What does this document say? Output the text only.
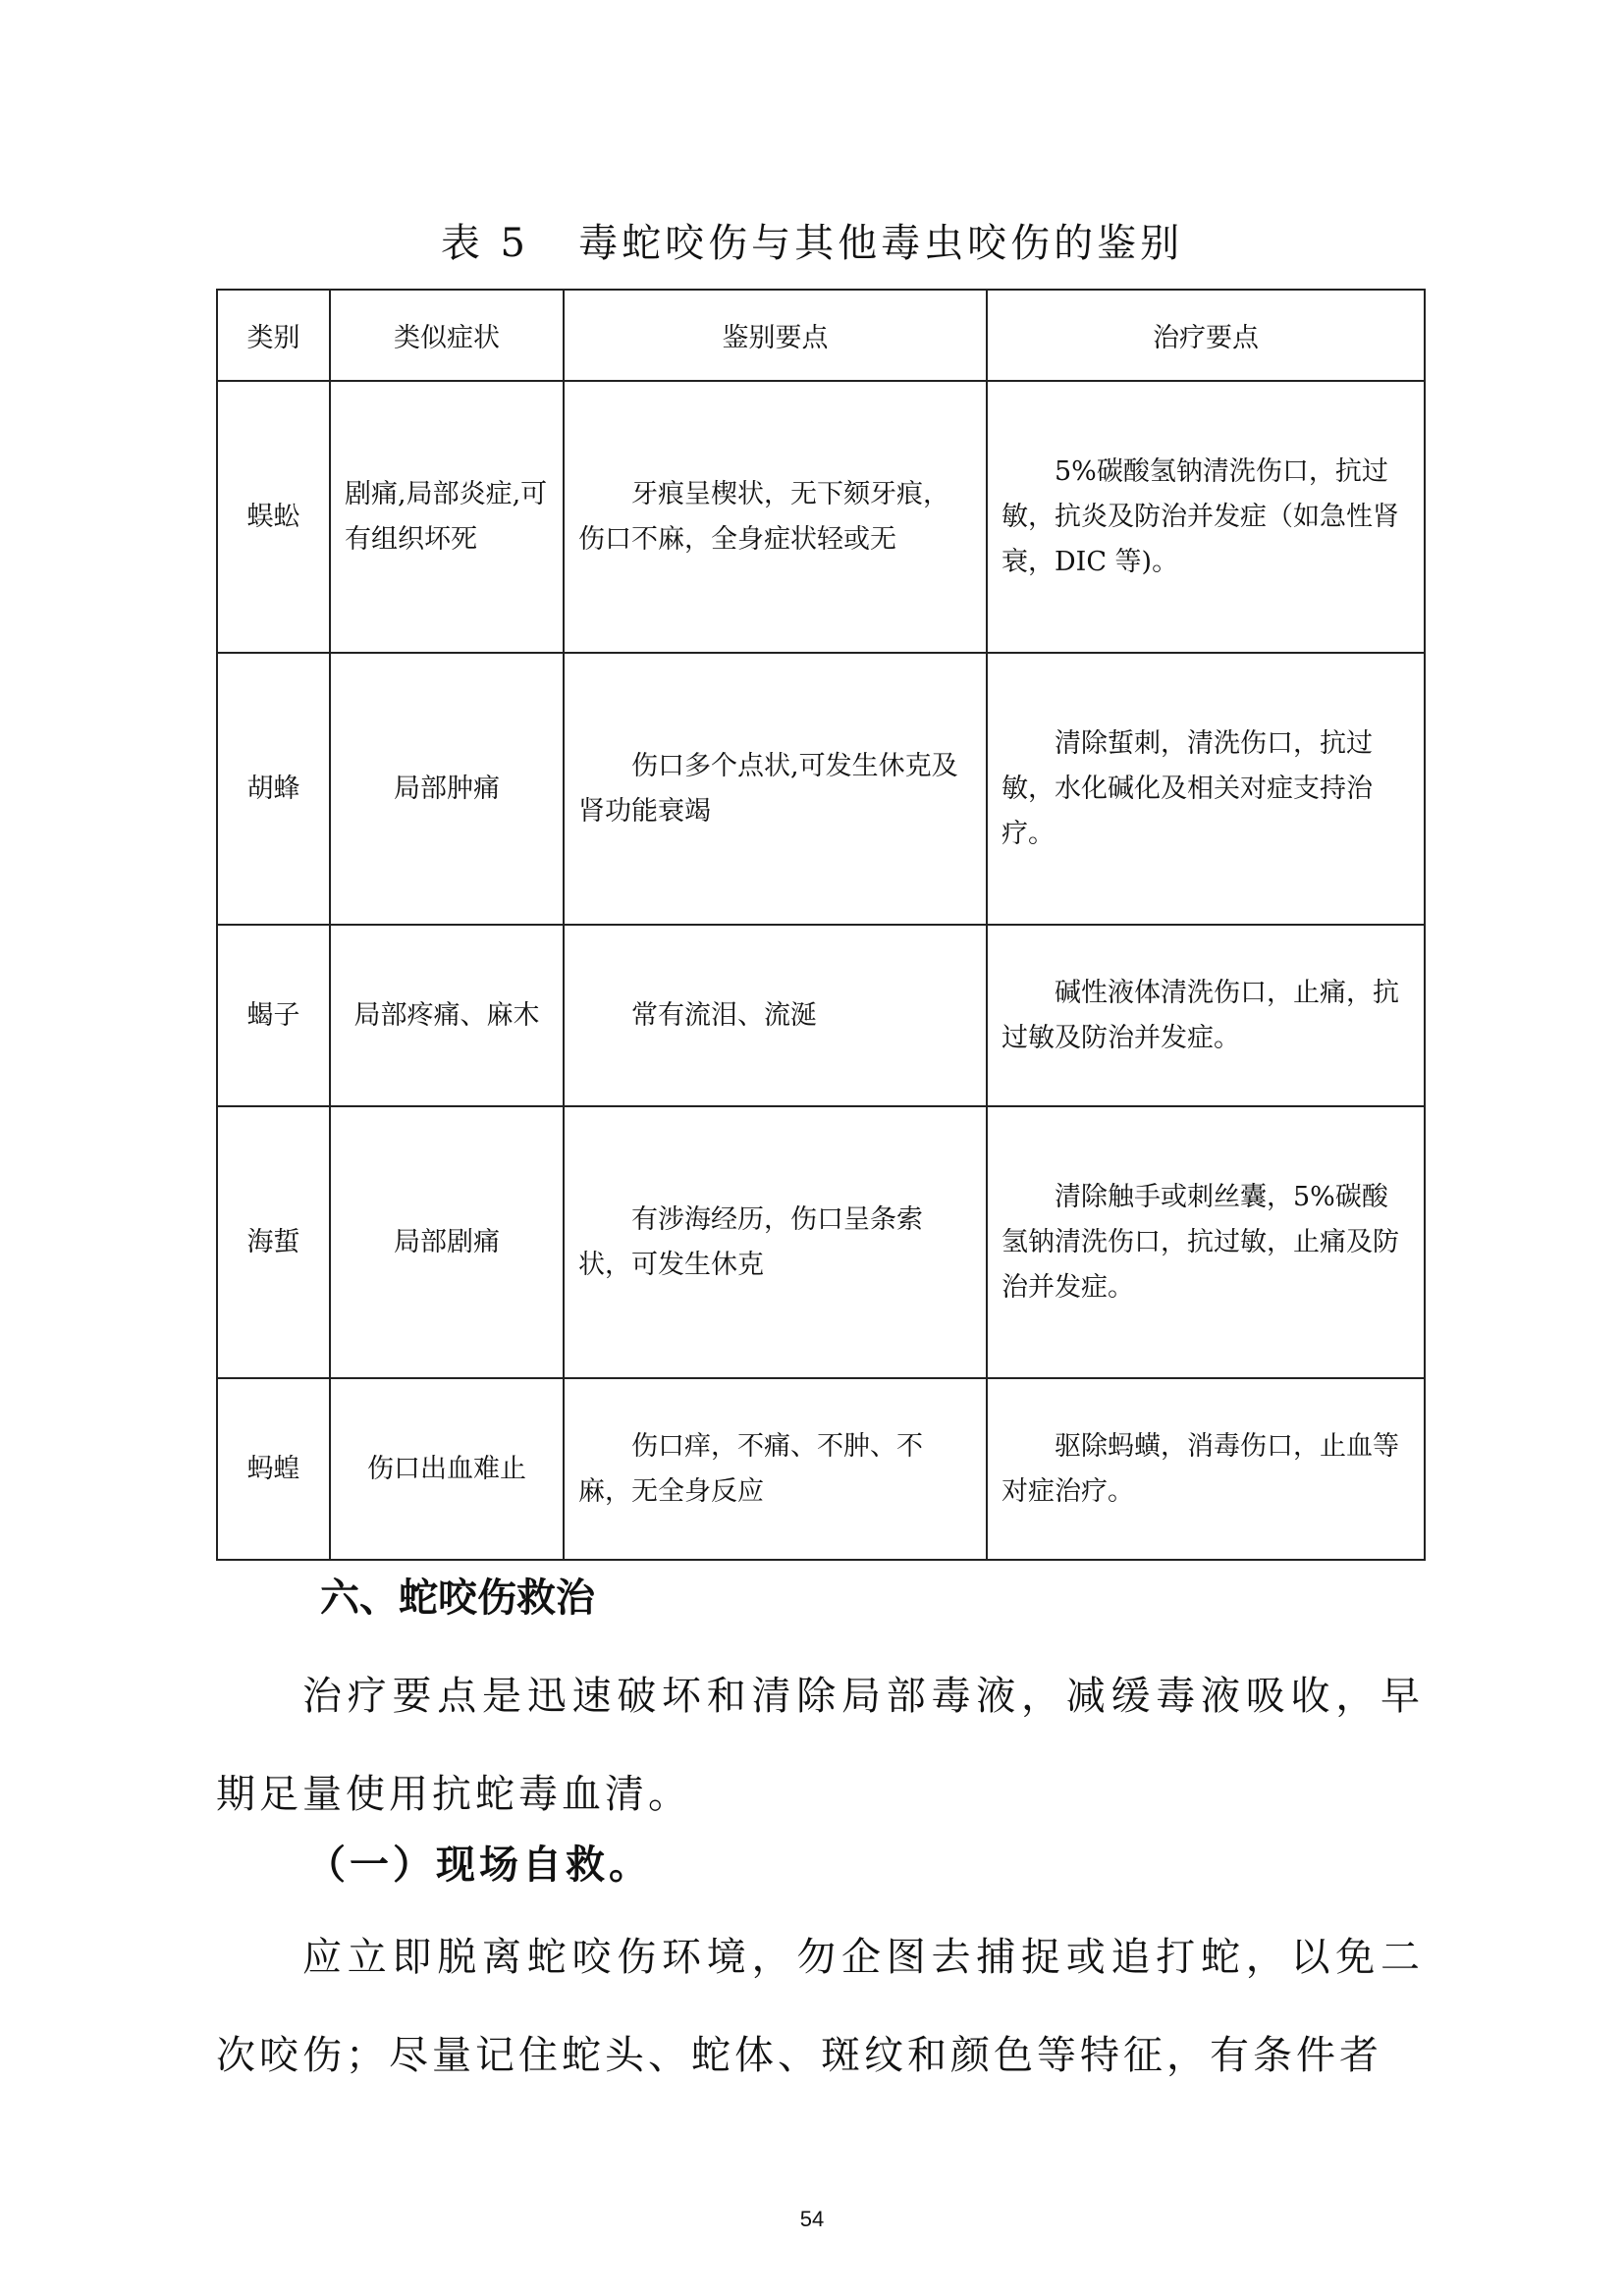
表 5   毒蛇咬伤与其他毒虫咬伤的鉴别
类别	类似症状	鉴别要点	治疗要点

蜈蚣	剧痛,局部炎症,可有组织坏死	牙痕呈楔状，无下颏牙痕，伤口不麻，全身症状轻或无	5%碳酸氢钠清洗伤口，抗过敏，抗炎及防治并发症（如急性肾衰，DIC 等)。

胡蜂	局部肿痛	伤口多个点状,可发生休克及肾功能衰竭	清除蜇刺，清洗伤口，抗过敏，水化碱化及相关对症支持治疗。

蝎子	局部疼痛、麻木	常有流泪、流涎	碱性液体清洗伤口，止痛，抗过敏及防治并发症。

海蜇	局部剧痛	有涉海经历，伤口呈条索状，可发生休克	清除触手或刺丝囊，5%碳酸氢钠清洗伤口，抗过敏，止痛及防治并发症。

蚂蝗	伤口出血难止	伤口痒，不痛、不肿、不麻，无全身反应	驱除蚂蟥，消毒伤口，止血等对症治疗。
六、蛇咬伤救治

治疗要点是迅速破坏和清除局部毒液，减缓毒液吸收，早期足量使用抗蛇毒血清。

（一）现场自救。

应立即脱离蛇咬伤环境，勿企图去捕捉或追打蛇，以免二次咬伤；尽量记住蛇头、蛇体、斑纹和颜色等特征，有条件者

54
